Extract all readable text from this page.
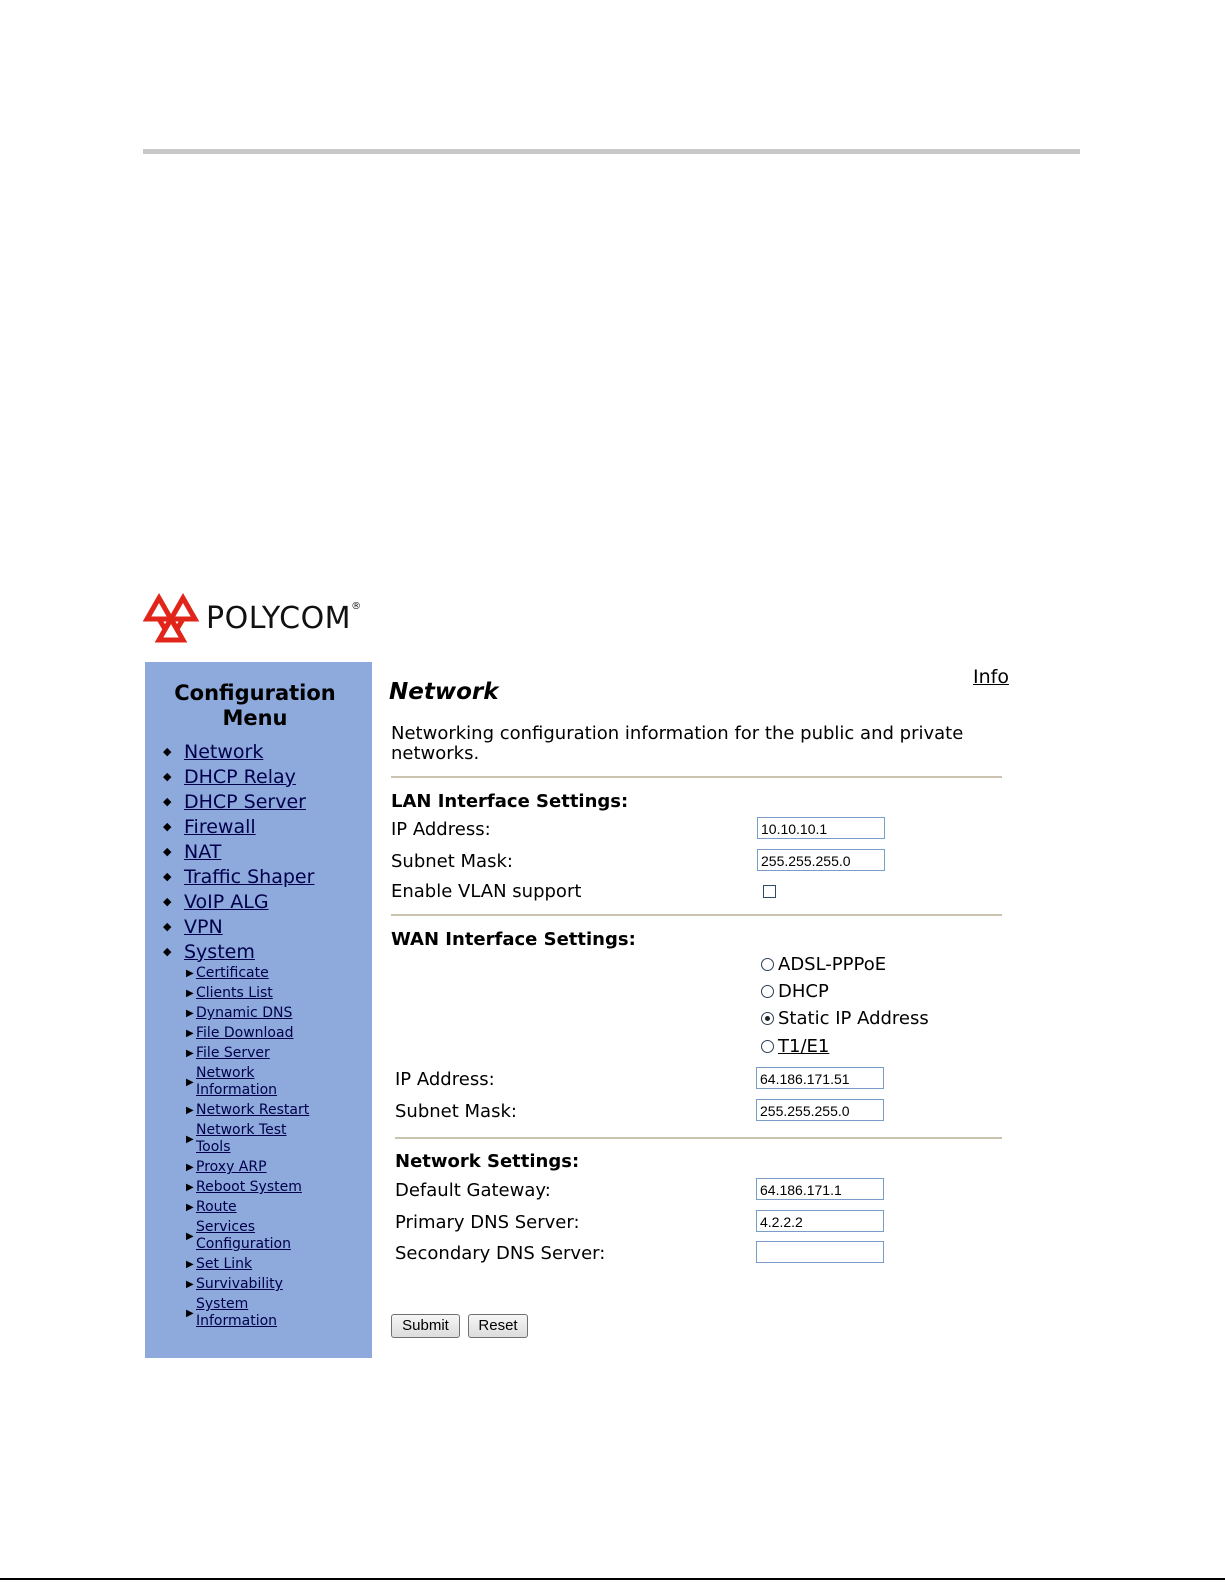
POLYCOM®
Configuration
Menu
◆ Network
◆ DHCP Relay
◆ DHCP Server
◆ Firewall
◆ NAT
◆ Traffic Shaper
◆ VoIP ALG
◆ VPN
◆ System
▶ Certificate
▶ Clients List
▶ Dynamic DNS
▶ File Download
▶ File Server
▶
Network
Information
▶ Network Restart
▶
Network Test
Tools
▶ Proxy ARP
▶ Reboot System
▶ Route
▶
Services
Configuration
▶ Set Link
▶ Survivability
▶
System
Information
Info
Network
Networking configuration information for the public and private networks.
LAN Interface Settings:
IP Address:	10.10.10.1
Subnet Mask:	255.255.255.0
Enable VLAN support
WAN Interface Settings:
ADSL-PPPoE
DHCP
Static IP Address
T1/E1
IP Address:	64.186.171.51
Subnet Mask:	255.255.255.0
Network Settings:
Default Gateway:	64.186.171.1
Primary DNS Server:	4.2.2.2
Secondary DNS Server:
Submit	Reset
